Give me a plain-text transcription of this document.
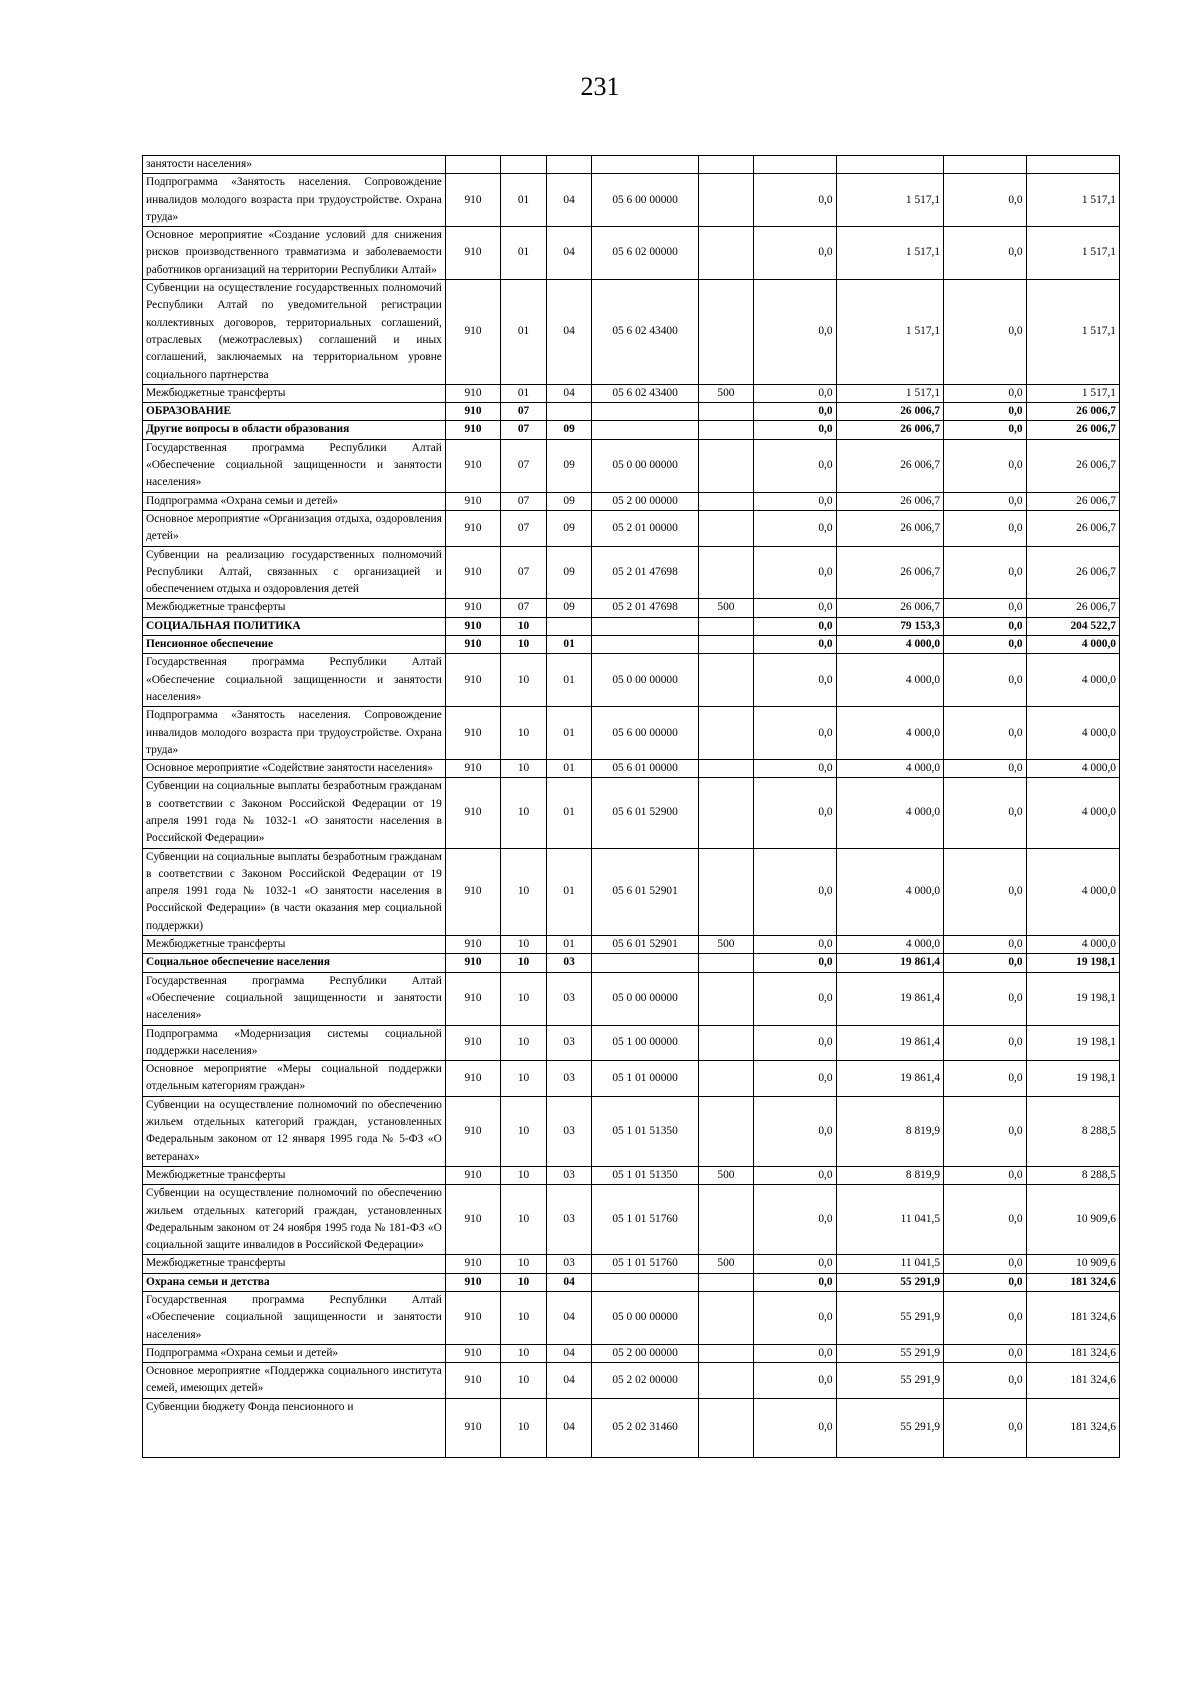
231
занятости населения»									
Подпрограмма «Занятость населения. Сопровождение инвалидов молодого возраста при трудоустройстве. Охрана труда»	910	01	04	05 6 00 00000		0,0	1 517,1	0,0	1 517,1
Основное мероприятие «Создание условий для снижения рисков производственного травматизма и заболеваемости работников организаций на территории Республики Алтай»	910	01	04	05 6 02 00000		0,0	1 517,1	0,0	1 517,1
Субвенции на осуществление государственных полномочий Республики Алтай по уведомительной регистрации коллективных договоров, территориальных соглашений, отраслевых (межотраслевых) соглашений и иных соглашений, заключаемых на территориальном уровне социального партнерства	910	01	04	05 6 02 43400		0,0	1 517,1	0,0	1 517,1
Межбюджетные трансферты	910	01	04	05 6 02 43400	500	0,0	1 517,1	0,0	1 517,1
ОБРАЗОВАНИЕ	910	07				0,0	26 006,7	0,0	26 006,7
Другие вопросы в области образования	910	07	09			0,0	26 006,7	0,0	26 006,7
Государственная программа Республики Алтай «Обеспечение социальной защищенности и занятости населения»	910	07	09	05 0 00 00000		0,0	26 006,7	0,0	26 006,7
Подпрограмма «Охрана семьи и детей»	910	07	09	05 2 00 00000		0,0	26 006,7	0,0	26 006,7
Основное мероприятие «Организация отдыха, оздоровления детей»	910	07	09	05 2 01 00000		0,0	26 006,7	0,0	26 006,7
Субвенции на реализацию государственных полномочий Республики Алтай, связанных с организацией и обеспечением отдыха и оздоровления детей	910	07	09	05 2 01 47698		0,0	26 006,7	0,0	26 006,7
Межбюджетные трансферты	910	07	09	05 2 01 47698	500	0,0	26 006,7	0,0	26 006,7
СОЦИАЛЬНАЯ ПОЛИТИКА	910	10				0,0	79 153,3	0,0	204 522,7
Пенсионное обеспечение	910	10	01			0,0	4 000,0	0,0	4 000,0
Государственная программа Республики Алтай «Обеспечение социальной защищенности и занятости населения»	910	10	01	05 0 00 00000		0,0	4 000,0	0,0	4 000,0
Подпрограмма «Занятость населения. Сопровождение инвалидов молодого возраста при трудоустройстве. Охрана труда»	910	10	01	05 6 00 00000		0,0	4 000,0	0,0	4 000,0
Основное мероприятие «Содействие занятости населения»	910	10	01	05 6 01 00000		0,0	4 000,0	0,0	4 000,0
Субвенции на социальные выплаты безработным гражданам в соответствии с Законом Российской Федерации от 19 апреля 1991 года № 1032-1 «О занятости населения в Российской Федерации»	910	10	01	05 6 01 52900		0,0	4 000,0	0,0	4 000,0
Субвенции на социальные выплаты безработным гражданам в соответствии с Законом Российской Федерации от 19 апреля 1991 года № 1032-1 «О занятости населения в Российской Федерации» (в части оказания мер социальной поддержки)	910	10	01	05 6 01 52901		0,0	4 000,0	0,0	4 000,0
Межбюджетные трансферты	910	10	01	05 6 01 52901	500	0,0	4 000,0	0,0	4 000,0
Социальное обеспечение населения	910	10	03			0,0	19 861,4	0,0	19 198,1
Государственная программа Республики Алтай «Обеспечение социальной защищенности и занятости населения»	910	10	03	05 0 00 00000		0,0	19 861,4	0,0	19 198,1
Подпрограмма «Модернизация системы социальной поддержки населения»	910	10	03	05 1 00 00000		0,0	19 861,4	0,0	19 198,1
Основное мероприятие «Меры социальной поддержки отдельным категориям граждан»	910	10	03	05 1 01 00000		0,0	19 861,4	0,0	19 198,1
Субвенции на осуществление полномочий по обеспечению жильем отдельных категорий граждан, установленных Федеральным законом от 12 января 1995 года № 5-ФЗ «О ветеранах»	910	10	03	05 1 01 51350		0,0	8 819,9	0,0	8 288,5
Межбюджетные трансферты	910	10	03	05 1 01 51350	500	0,0	8 819,9	0,0	8 288,5
Субвенции на осуществление полномочий по обеспечению жильем отдельных категорий граждан, установленных Федеральным законом от 24 ноября 1995 года № 181-ФЗ «О социальной защите инвалидов в Российской Федерации»	910	10	03	05 1 01 51760		0,0	11 041,5	0,0	10 909,6
Межбюджетные трансферты	910	10	03	05 1 01 51760	500	0,0	11 041,5	0,0	10 909,6
Охрана семьи и детства	910	10	04			0,0	55 291,9	0,0	181 324,6
Государственная программа Республики Алтай «Обеспечение социальной защищенности и занятости населения»	910	10	04	05 0 00 00000		0,0	55 291,9	0,0	181 324,6
Подпрограмма «Охрана семьи и детей»	910	10	04	05 2 00 00000		0,0	55 291,9	0,0	181 324,6
Основное мероприятие «Поддержка социального института семей, имеющих детей»	910	10	04	05 2 02 00000		0,0	55 291,9	0,0	181 324,6
Субвенции бюджету Фонда пенсионного и	910	10	04	05 2 02 31460		0,0	55 291,9	0,0	181 324,6
